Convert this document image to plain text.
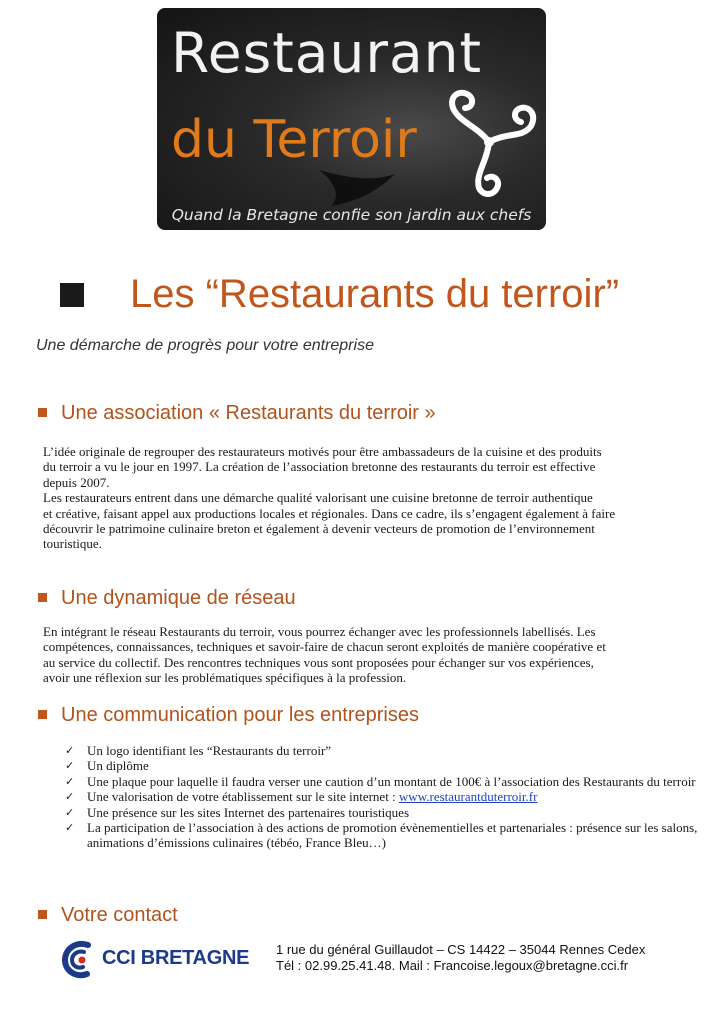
Restaurant
du Terroir
Quand la Bretagne confie son jardin aux chefs
Les “Restaurants du terroir”
Une démarche de progrès pour votre entreprise
Une association « Restaurants du terroir »
L’idée originale de regrouper des restaurateurs motivés pour être ambassadeurs de la cuisine et des produits
du terroir a vu le jour en 1997. La création de l’association bretonne des restaurants du terroir est effective
depuis 2007.
Les restaurateurs entrent dans une démarche qualité valorisant une cuisine bretonne de terroir authentique
et créative, faisant appel aux productions locales et régionales. Dans ce cadre, ils s’engagent également à faire
découvrir le patrimoine culinaire breton et également à devenir vecteurs de promotion de l’environnement
touristique.
Une dynamique de réseau
En intégrant le réseau Restaurants du terroir, vous pourrez échanger avec les professionnels labellisés. Les
compétences, connaissances, techniques et savoir-faire de chacun seront exploités de manière coopérative et
au service du collectif. Des rencontres techniques vous sont proposées pour échanger sur vos expériences,
avoir une réflexion sur les problématiques spécifiques à la profession.
Une communication pour les entreprises
✓ Un logo identifiant les “Restaurants du terroir”
✓ Un diplôme
✓ Une plaque pour laquelle il faudra verser une caution d’un montant de 100€ à l’association des Restaurants du terroir
✓ Une valorisation de votre établissement sur le site internet : www.restaurantduterroir.fr
✓ Une présence sur les sites Internet des partenaires touristiques
✓ La participation de l’association à des actions de promotion évènementielles et partenariales : présence sur les salons, animations d’émissions culinaires (tébéo, France Bleu…)
Votre contact
CCI BRETAGNE 1 rue du général Guillaudot – CS 14422 – 35044 Rennes Cedex
Tél : 02.99.25.41.48. Mail : Francoise.legoux@bretagne.cci.fr
